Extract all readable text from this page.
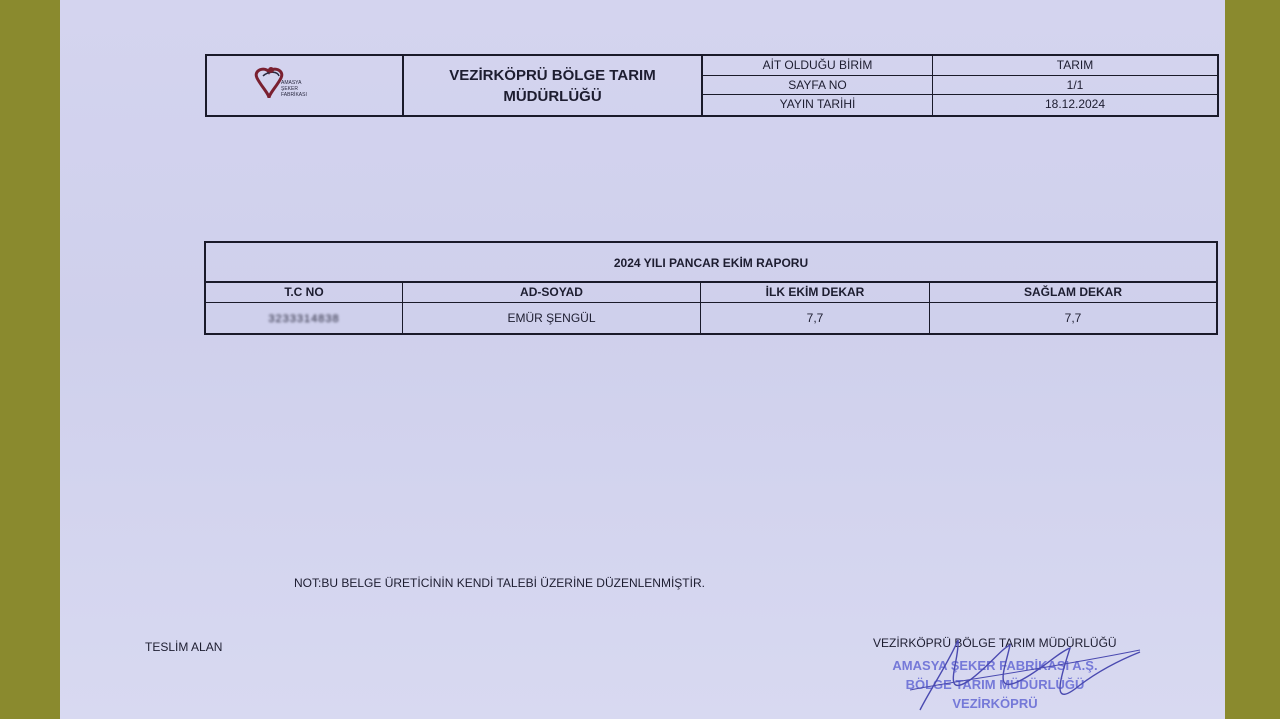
AMASYA
ŞEKER
FABRİKASI
VEZİRKÖPRÜ BÖLGE TARIM MÜDÜRLÜĞÜ
AİT OLDUĞU BİRİM	TARIM
SAYFA NO	1/1
YAYIN TARİHİ	18.12.2024
2024 YILI PANCAR EKİM RAPORU
T.C NO	AD-SOYAD	İLK EKİM DEKAR	SAĞLAM DEKAR
3233314838	EMÜR ŞENGÜL	7,7	7,7
NOT:BU BELGE ÜRETİCİNİN KENDİ TALEBİ ÜZERİNE DÜZENLENMİŞTİR.
TESLİM ALAN	VEZİRKÖPRÜ BÖLGE TARIM MÜDÜRLÜĞÜ
AMASYA ŞEKER FABRİKASI A.Ş.
BÖLGE TARIM MÜDÜRLÜĞÜ
VEZİRKÖPRÜ
